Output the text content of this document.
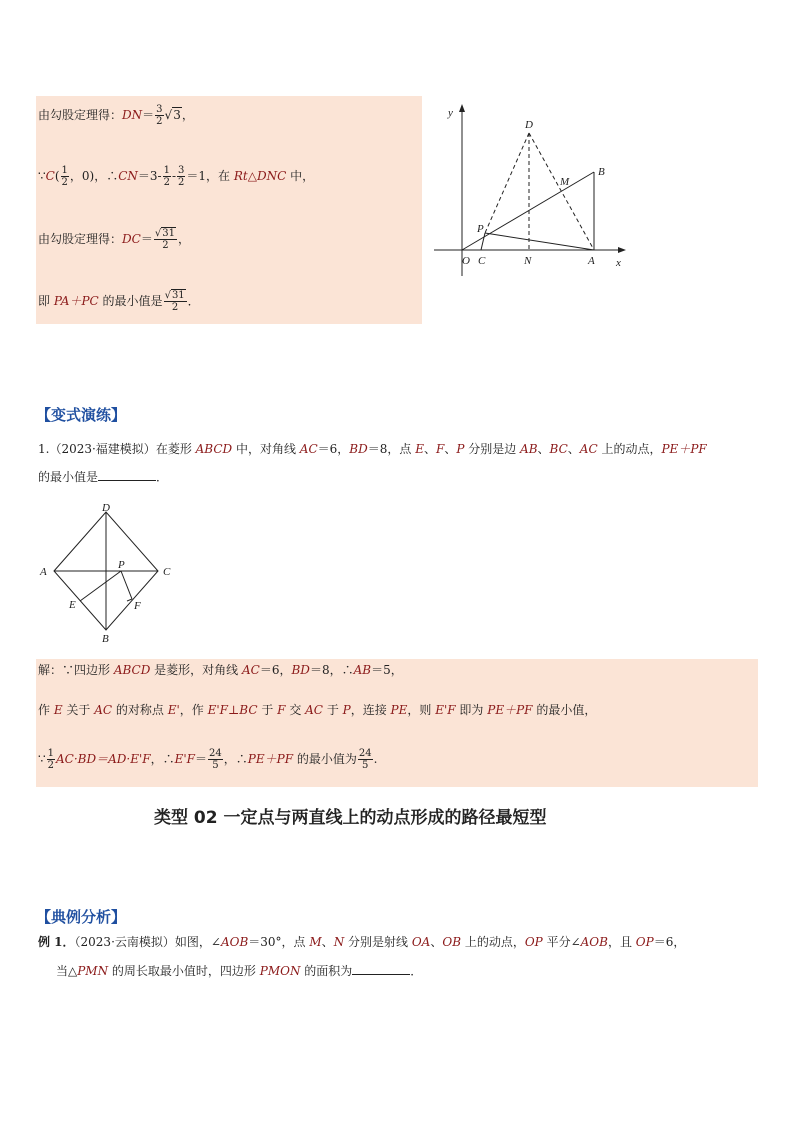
由勾股定理得：$DN= \frac{3}{2} √3$，
∵C( $\frac{1}{2}$ ，0)，∴CN＝3- $\frac{1}{2} - \frac{3}{2} =1$，在 Rt△DNC 中，
由勾股定理得：$DC= \frac{√31}{2}$ ，
即 PA＋PC 的最小值是 $\frac{√31}{2}$ ．
y
x
O C	N	A
B
D
M
P
【变式演练】
1.（2023·福建模拟）在菱形 ABCD 中，对角线 AC＝6，BD＝8，点 E、F、P 分别是边 AB、BC、AC 上的动点，PE＋PF
的最小值是	．
A
B
C
D
E	F
P
解：∵四边形 ABCD 是菱形，对角线 AC＝6，BD＝8，∴AB＝5，
作 E 关于 AC 的对称点 E'，作 E'F⊥BC 于 F 交 AC 于 P，连接 PE，则 E'F 即为 PE＋PF 的最小值，
∵ $\frac{1}{2} AC\cdot BD=AD\cdot E'F$，∴E'F＝ $\frac{24}{5}$ ，∴PE＋PF 的最小值为 $\frac{24}{5}$ .
类型 02 一定点与两直线上的动点形成的路径最短型
【典例分析】
例 1．（2023·云南模拟）如图，∠AOB＝30°，点 M、N 分别是射线 OA、OB 上的动点，OP 平分∠AOB，且 OP＝6，
当△PMN 的周长取最小值时，四边形 PMON 的面积为	．
